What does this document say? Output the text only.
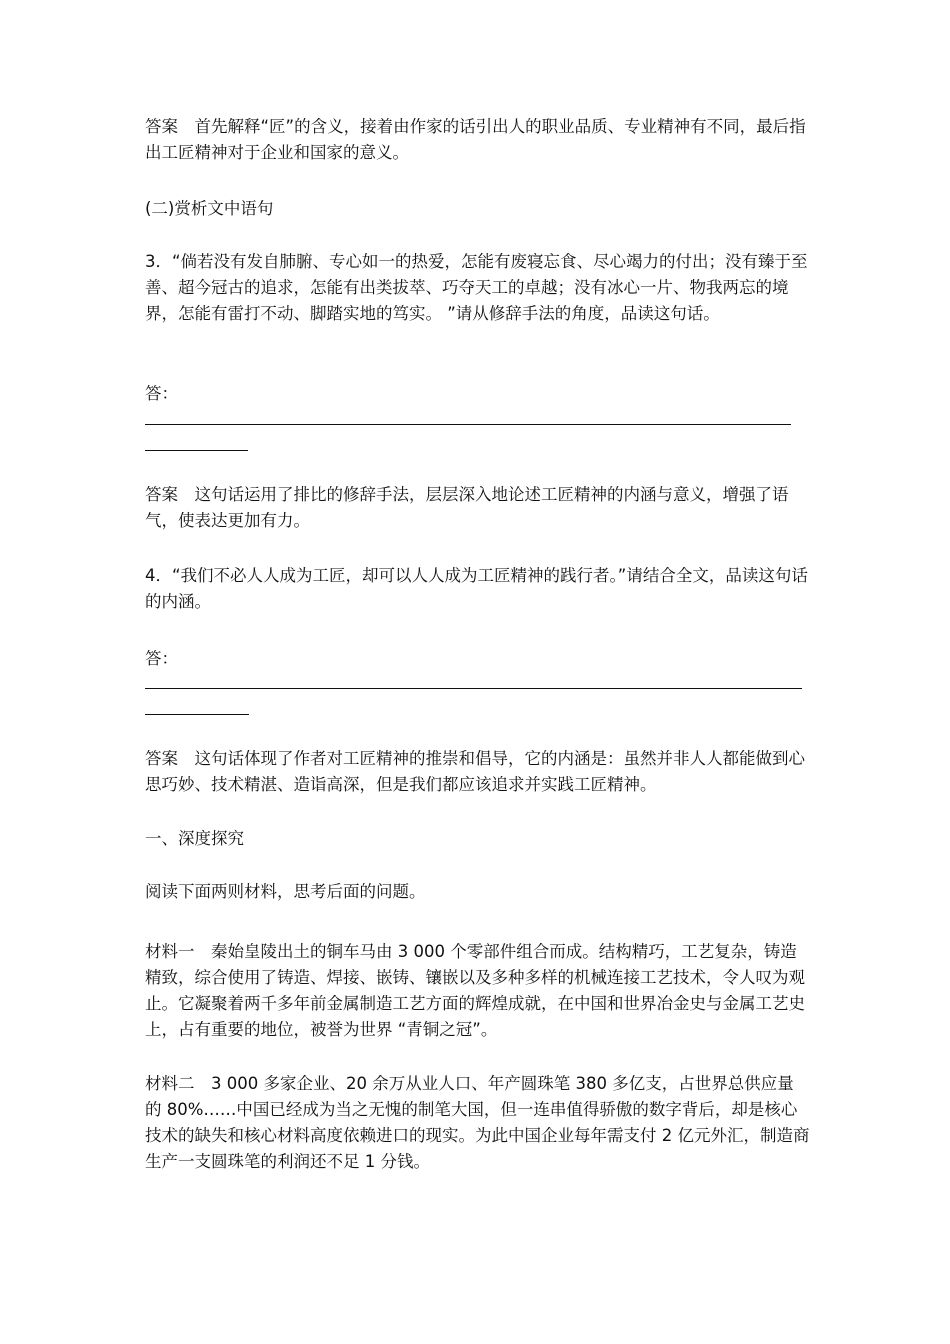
答案　首先解释“匠”的含义，接着由作家的话引出人的职业品质、专业精神有不同，最后指出工匠精神对于企业和国家的意义。

(二)赏析文中语句

3．“倘若没有发自肺腑、专心如一的热爱，怎能有废寝忘食、尽心竭力的付出；没有臻于至善、超今冠古的追求，怎能有出类拔萃、巧夺天工的卓越；没有冰心一片、物我两忘的境界，怎能有雷打不动、脚踏实地的笃实。 ”请从修辞手法的角度，品读这句话。

答：

答案　这句话运用了排比的修辞手法，层层深入地论述工匠精神的内涵与意义，增强了语气，使表达更加有力。

4．“我们不必人人成为工匠，却可以人人成为工匠精神的践行者。”请结合全文，品读这句话的内涵。

答：

答案　这句话体现了作者对工匠精神的推崇和倡导，它的内涵是：虽然并非人人都能做到心思巧妙、技术精湛、造诣高深，但是我们都应该追求并实践工匠精神。

一、深度探究

阅读下面两则材料，思考后面的问题。

材料一　秦始皇陵出土的铜车马由 3 000 个零部件组合而成。结构精巧，工艺复杂，铸造精致，综合使用了铸造、焊接、嵌铸、镶嵌以及多种多样的机械连接工艺技术，令人叹为观止。它凝聚着两千多年前金属制造工艺方面的辉煌成就，在中国和世界冶金史与金属工艺史上，占有重要的地位，被誉为世界 “青铜之冠”。

材料二　3 000 多家企业、20 余万从业人口、年产圆珠笔 380 多亿支，占世界总供应量的 80%……中国已经成为当之无愧的制笔大国，但一连串值得骄傲的数字背后，却是核心技术的缺失和核心材料高度依赖进口的现实。为此中国企业每年需支付 2 亿元外汇，制造商生产一支圆珠笔的利润还不足 1 分钱。
